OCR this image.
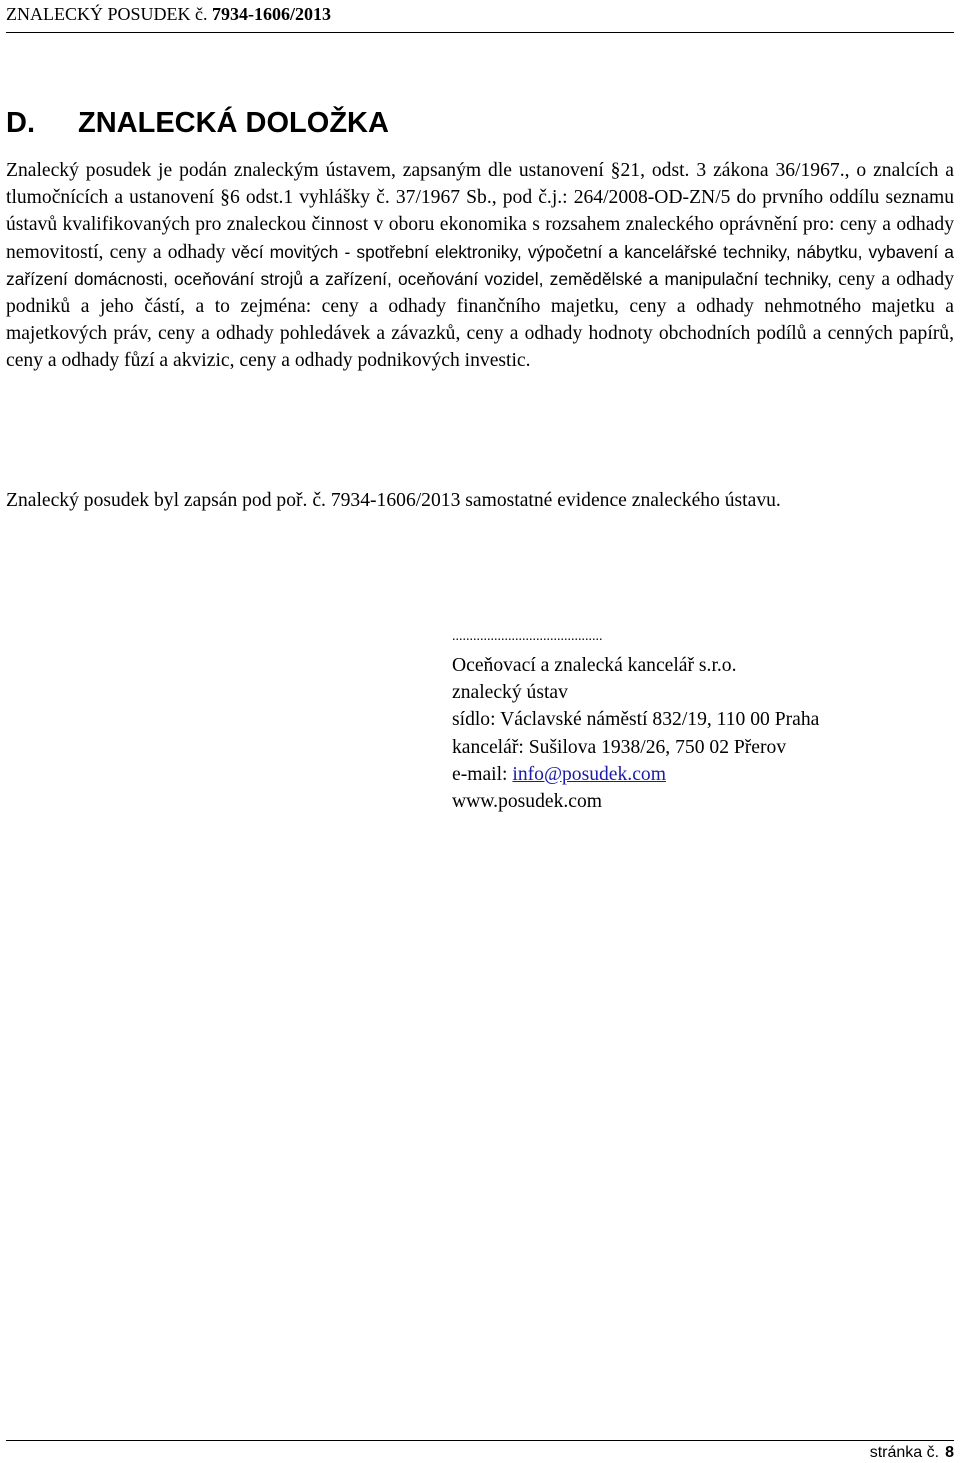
ZNALECKÝ POSUDEK č. 7934-1606/2013
D. ZNALECKÁ DOLOŽKA
Znalecký posudek je podán znaleckým ústavem, zapsaným dle ustanovení §21, odst. 3 zákona 36/1967., o znalcích a tlumočnících a ustanovení §6 odst.1 vyhlášky č. 37/1967 Sb., pod č.j.: 264/2008-OD-ZN/5 do prvního oddílu seznamu ústavů kvalifikovaných pro znaleckou činnost v oboru ekonomika s rozsahem znaleckého oprávnění pro: ceny a odhady nemovitostí, ceny a odhady věcí movitých - spotřební elektroniky, výpočetní a kancelářské techniky, nábytku, vybavení a zařízení domácnosti, oceňování strojů a zařízení, oceňování vozidel, zemědělské a manipulační techniky, ceny a odhady podniků a jeho částí, a to zejména: ceny a odhady finančního majetku, ceny a odhady nehmotného majetku a majetkových práv, ceny a odhady pohledávek a závazků, ceny a odhady hodnoty obchodních podílů a cenných papírů, ceny a odhady fůzí a akvizic, ceny a odhady podnikových investic.
Znalecký posudek byl zapsán pod poř. č. 7934-1606/2013 samostatné evidence znaleckého ústavu.
...........................................
Oceňovací a znalecká kancelář s.r.o.
znalecký ústav
sídlo: Václavské náměstí 832/19, 110 00 Praha
kancelář: Sušilova 1938/26, 750 02 Přerov
e-mail: info@posudek.com
www.posudek.com
stránka č. 8
